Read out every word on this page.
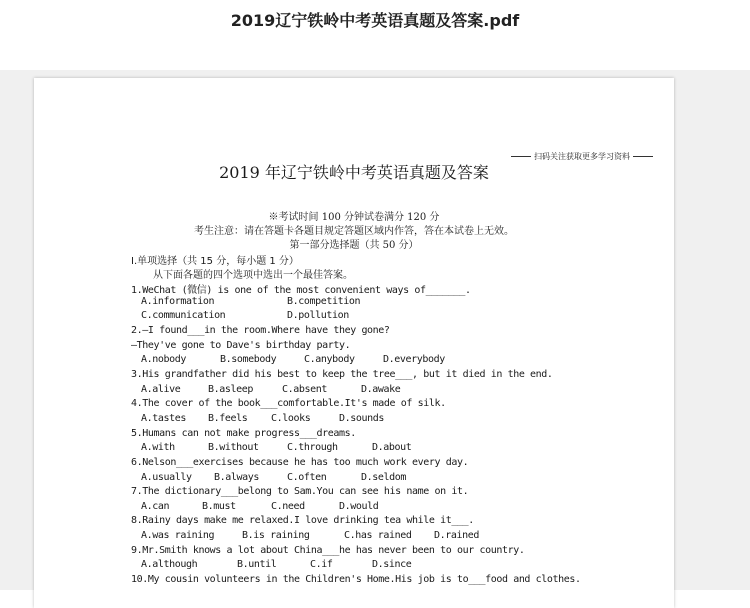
2019辽宁铁岭中考英语真题及答案.pdf
扫码关注获取更多学习资料
2019 年辽宁铁岭中考英语真题及答案
※考试时间 100 分钟试卷满分 120 分
考生注意：请在答题卡各题目规定答题区域内作答，答在本试卷上无效。
第一部分选择题（共 50 分）
I.单项选择（共 15 分，每小题 1 分）
从下面各题的四个选项中选出一个最佳答案。
1.WeChat (微信) is one of the most convenient ways of_______.
A.information	B.competition
C.communication	D.pollution
2.—I found___in the room.Where have they gone?
—They've gone to Dave's birthday party.
A.nobody	B.somebody	C.anybody	D.everybody
3.His grandfather did his best to keep the tree___, but it died in the end.
A.alive	B.asleep	C.absent	D.awake
4.The cover of the book___comfortable.It's made of silk.
A.tastes B.feels C.looks	D.sounds
5.Humans can not make progress___dreams.
A.with	B.without	C.through	D.about
6.Nelson___exercises because he has too much work every day.
A.usually B.always	C.often	D.seldom
7.The dictionary___belong to Sam.You can see his name on it.
A.can	B.must	C.need	D.would
8.Rainy days make me relaxed.I love drinking tea while it___.
A.was raining	B.is raining	C.has rained D.rained
9.Mr.Smith knows a lot about China___he has never been to our country.
A.although	B.until	C.if	D.since
10.My cousin volunteers in the Children's Home.His job is to___food and clothes.
